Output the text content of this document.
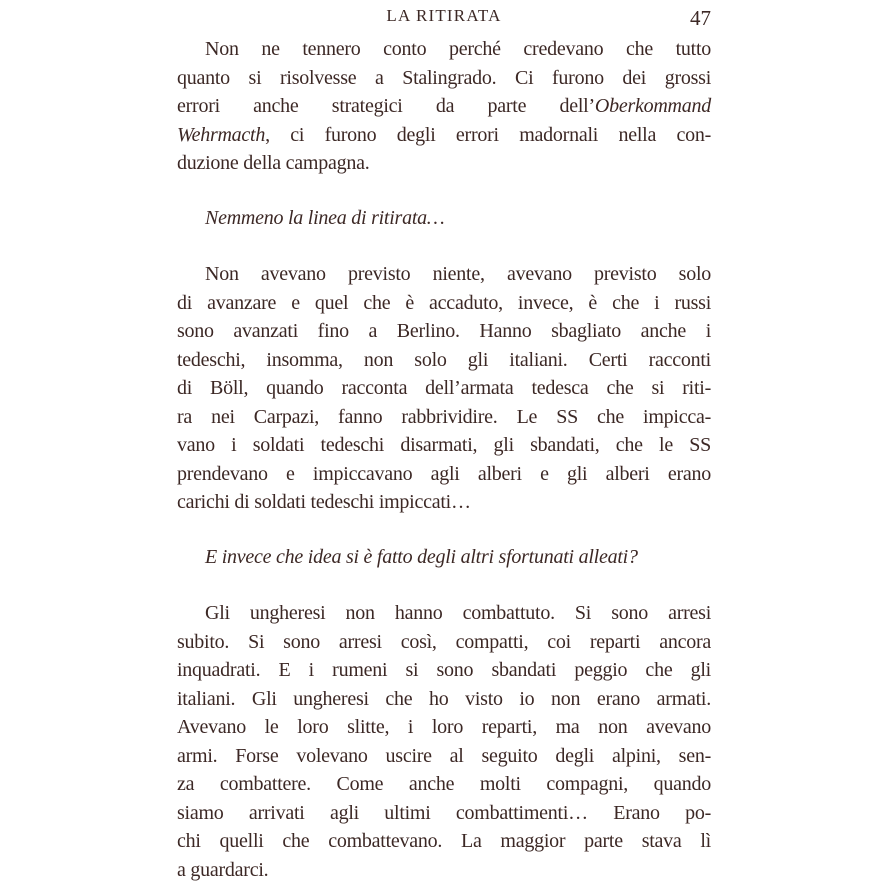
LA RITIRATA	47
Non ne tennero conto perché credevano che tutto
quanto si risolvesse a Stalingrado. Ci furono dei grossi
errori anche strategici da parte dell’Oberkommand
Wehrmacth, ci furono degli errori madornali nella con-
duzione della campagna.
Nemmeno la linea di ritirata…
Non avevano previsto niente, avevano previsto solo
di avanzare e quel che è accaduto, invece, è che i russi
sono avanzati fino a Berlino. Hanno sbagliato anche i
tedeschi, insomma, non solo gli italiani. Certi racconti
di Böll, quando racconta dell’armata tedesca che si riti-
ra nei Carpazi, fanno rabbrividire. Le SS che impicca-
vano i soldati tedeschi disarmati, gli sbandati, che le SS
prendevano e impiccavano agli alberi e gli alberi erano
carichi di soldati tedeschi impiccati…
E invece che idea si è fatto degli altri sfortunati alleati?
Gli ungheresi non hanno combattuto. Si sono arresi
subito. Si sono arresi così, compatti, coi reparti ancora
inquadrati. E i rumeni si sono sbandati peggio che gli
italiani. Gli ungheresi che ho visto io non erano armati.
Avevano le loro slitte, i loro reparti, ma non avevano
armi. Forse volevano uscire al seguito degli alpini, sen-
za combattere. Come anche molti compagni, quando
siamo arrivati agli ultimi combattimenti… Erano po-
chi quelli che combattevano. La maggior parte stava lì
a guardarci.
